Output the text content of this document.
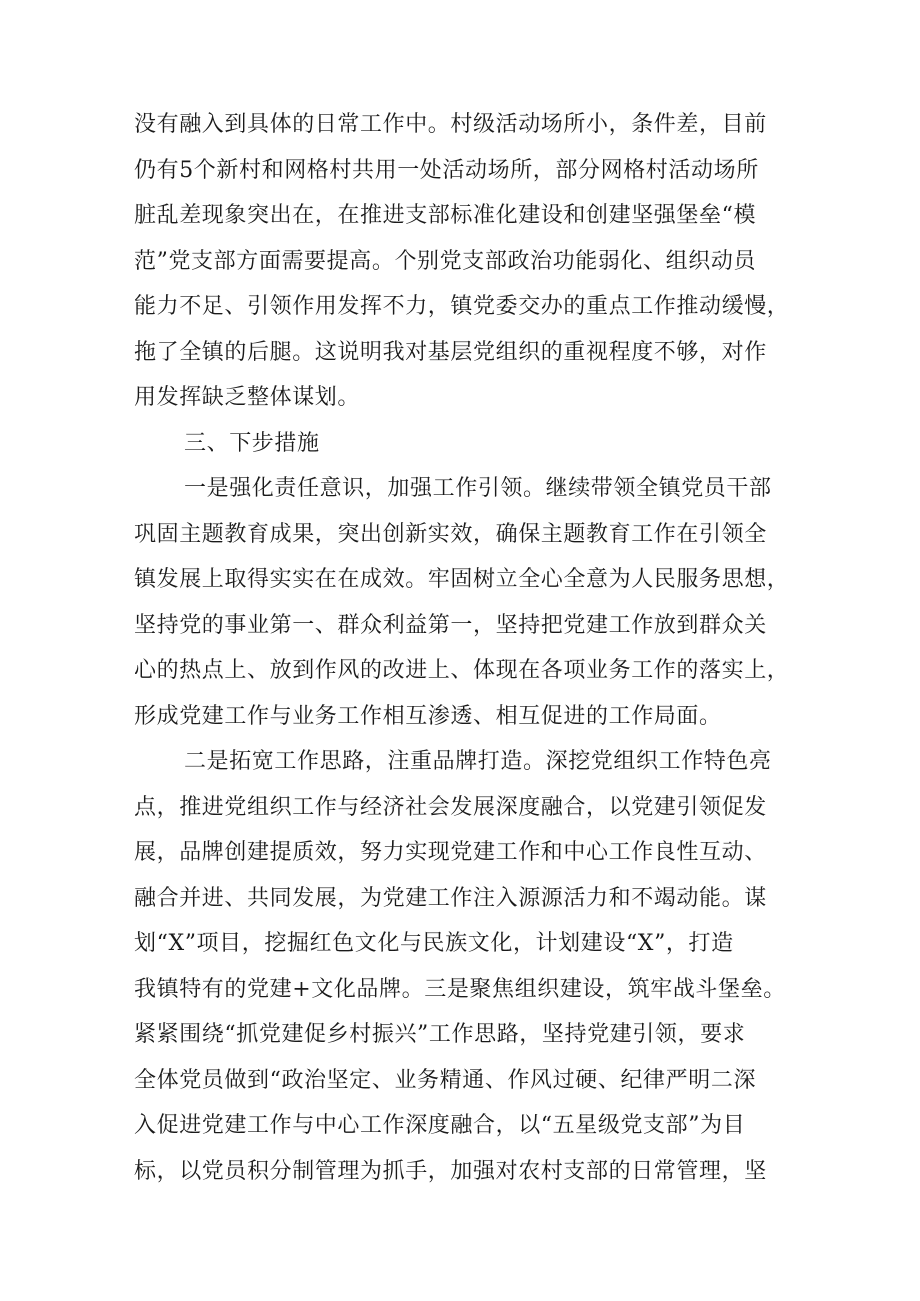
没有融入到具体的日常工作中。村级活动场所小，条件差，目前
仍有5个新村和网格村共用一处活动场所，部分网格村活动场所
脏乱差现象突出在，在推进支部标准化建设和创建坚强堡垒“模
范”党支部方面需要提高。个别党支部政治功能弱化、组织动员
能力不足、引领作用发挥不力，镇党委交办的重点工作推动缓慢，
拖了全镇的后腿。这说明我对基层党组织的重视程度不够，对作
用发挥缺乏整体谋划。
三、下步措施
一是强化责任意识，加强工作引领。继续带领全镇党员干部
巩固主题教育成果，突出创新实效，确保主题教育工作在引领全
镇发展上取得实实在在成效。牢固树立全心全意为人民服务思想，
坚持党的事业第一、群众利益第一，坚持把党建工作放到群众关
心的热点上、放到作风的改进上、体现在各项业务工作的落实上，
形成党建工作与业务工作相互渗透、相互促进的工作局面。
二是拓宽工作思路，注重品牌打造。深挖党组织工作特色亮
点，推进党组织工作与经济社会发展深度融合，以党建引领促发
展，品牌创建提质效，努力实现党建工作和中心工作良性互动、
融合并进、共同发展，为党建工作注入源源活力和不竭动能。谋
划“X”项目，挖掘红色文化与民族文化，计划建设“X”，打造
我镇特有的党建+文化品牌。三是聚焦组织建设，筑牢战斗堡垒。
紧紧围绕“抓党建促乡村振兴”工作思路，坚持党建引领，要求
全体党员做到“政治坚定、业务精通、作风过硬、纪律严明二深
入促进党建工作与中心工作深度融合，以“五星级党支部”为目
标，以党员积分制管理为抓手，加强对农村支部的日常管理，坚
